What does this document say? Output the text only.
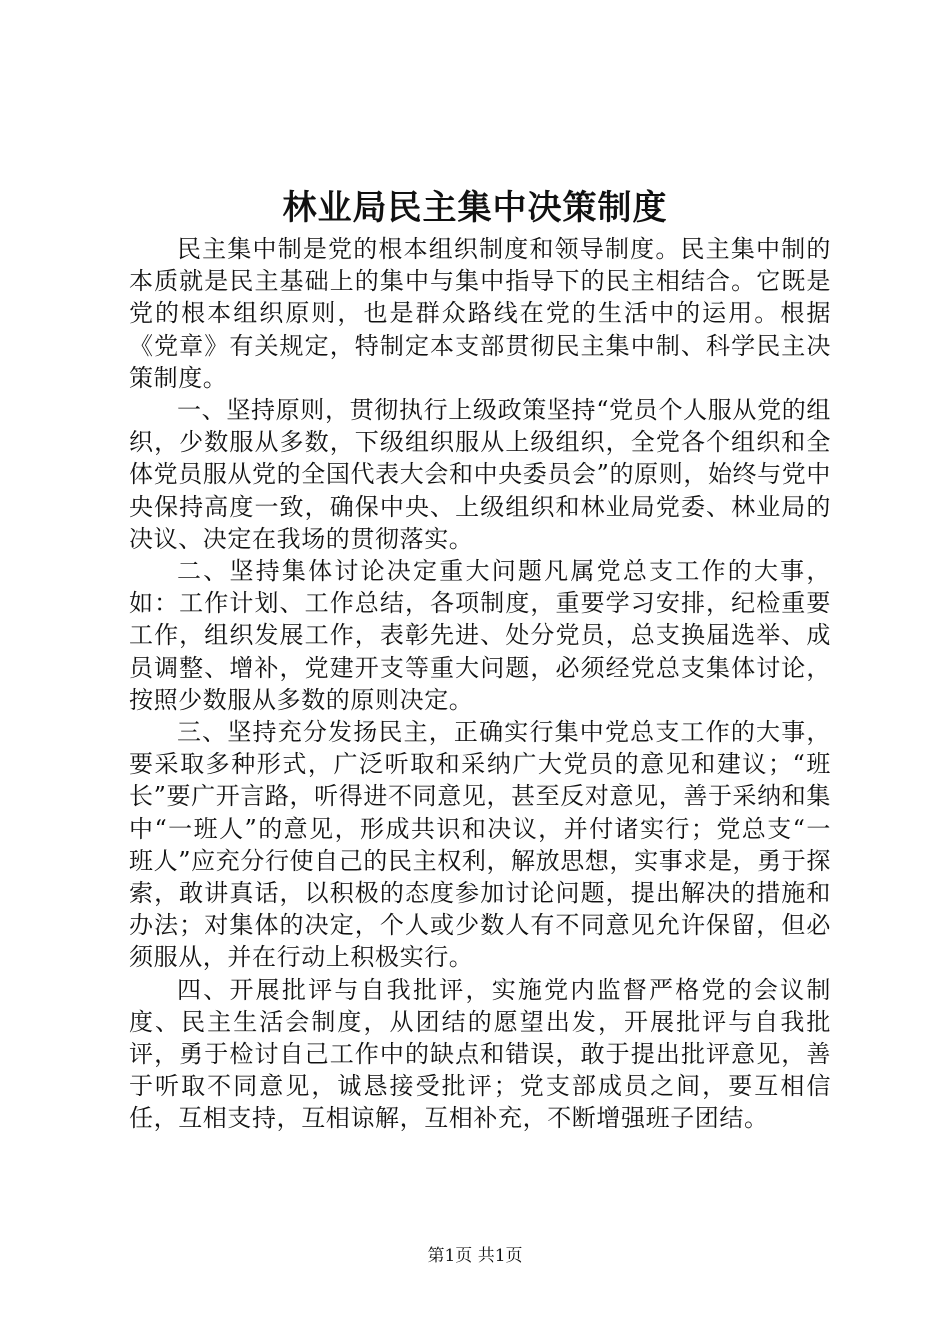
林业局民主集中决策制度

民主集中制是党的根本组织制度和领导制度。民主集中制的本质就是民主基础上的集中与集中指导下的民主相结合。它既是党的根本组织原则，也是群众路线在党的生活中的运用。根据《党章》有关规定，特制定本支部贯彻民主集中制、科学民主决策制度。

一、坚持原则，贯彻执行上级政策坚持“党员个人服从党的组织，少数服从多数，下级组织服从上级组织，全党各个组织和全体党员服从党的全国代表大会和中央委员会”的原则，始终与党中央保持高度一致，确保中央、上级组织和林业局党委、林业局的决议、决定在我场的贯彻落实。

二、坚持集体讨论决定重大问题凡属党总支工作的大事，如：工作计划、工作总结，各项制度，重要学习安排，纪检重要工作，组织发展工作，表彰先进、处分党员，总支换届选举、成员调整、增补，党建开支等重大问题，必须经党总支集体讨论，按照少数服从多数的原则决定。

三、坚持充分发扬民主，正确实行集中党总支工作的大事，要采取多种形式，广泛听取和采纳广大党员的意见和建议；“班长”要广开言路，听得进不同意见，甚至反对意见，善于采纳和集中“一班人”的意见，形成共识和决议，并付诸实行；党总支“一班人”应充分行使自己的民主权利，解放思想，实事求是，勇于探索，敢讲真话，以积极的态度参加讨论问题，提出解决的措施和办法；对集体的决定，个人或少数人有不同意见允许保留，但必须服从，并在行动上积极实行。

四、开展批评与自我批评，实施党内监督严格党的会议制度、民主生活会制度，从团结的愿望出发，开展批评与自我批评，勇于检讨自己工作中的缺点和错误，敢于提出批评意见，善于听取不同意见，诚恳接受批评；党支部成员之间，要互相信任，互相支持，互相谅解，互相补充，不断增强班子团结。

第1页 共1页
